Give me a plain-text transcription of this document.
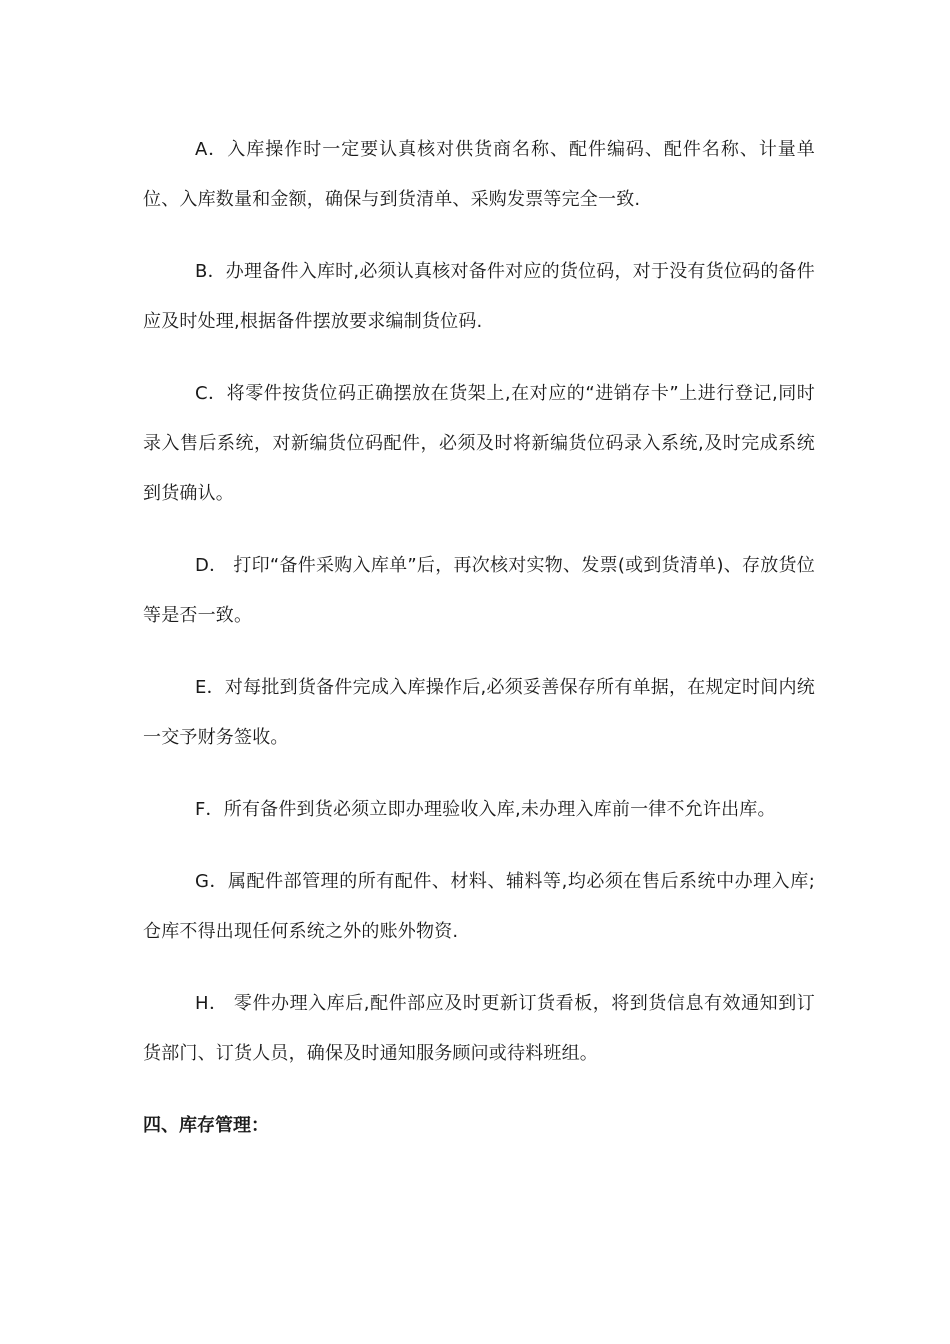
A．入库操作时一定要认真核对供货商名称、配件编码、配件名称、计量单位、入库数量和金额，确保与到货清单、采购发票等完全一致.

B．办理备件入库时,必须认真核对备件对应的货位码，对于没有货位码的备件应及时处理,根据备件摆放要求编制货位码.

C．将零件按货位码正确摆放在货架上,在对应的“进销存卡”上进行登记,同时录入售后系统，对新编货位码配件，必须及时将新编货位码录入系统,及时完成系统到货确认。

D． 打印“备件采购入库单”后，再次核对实物、发票(或到货清单)、存放货位等是否一致。

E．对每批到货备件完成入库操作后,必须妥善保存所有单据，在规定时间内统一交予财务签收。

F．所有备件到货必须立即办理验收入库,未办理入库前一律不允许出库。

G．属配件部管理的所有配件、材料、辅料等,均必须在售后系统中办理入库;仓库不得出现任何系统之外的账外物资.

H． 零件办理入库后,配件部应及时更新订货看板，将到货信息有效通知到订货部门、订货人员，确保及时通知服务顾问或待料班组。

四、库存管理：
